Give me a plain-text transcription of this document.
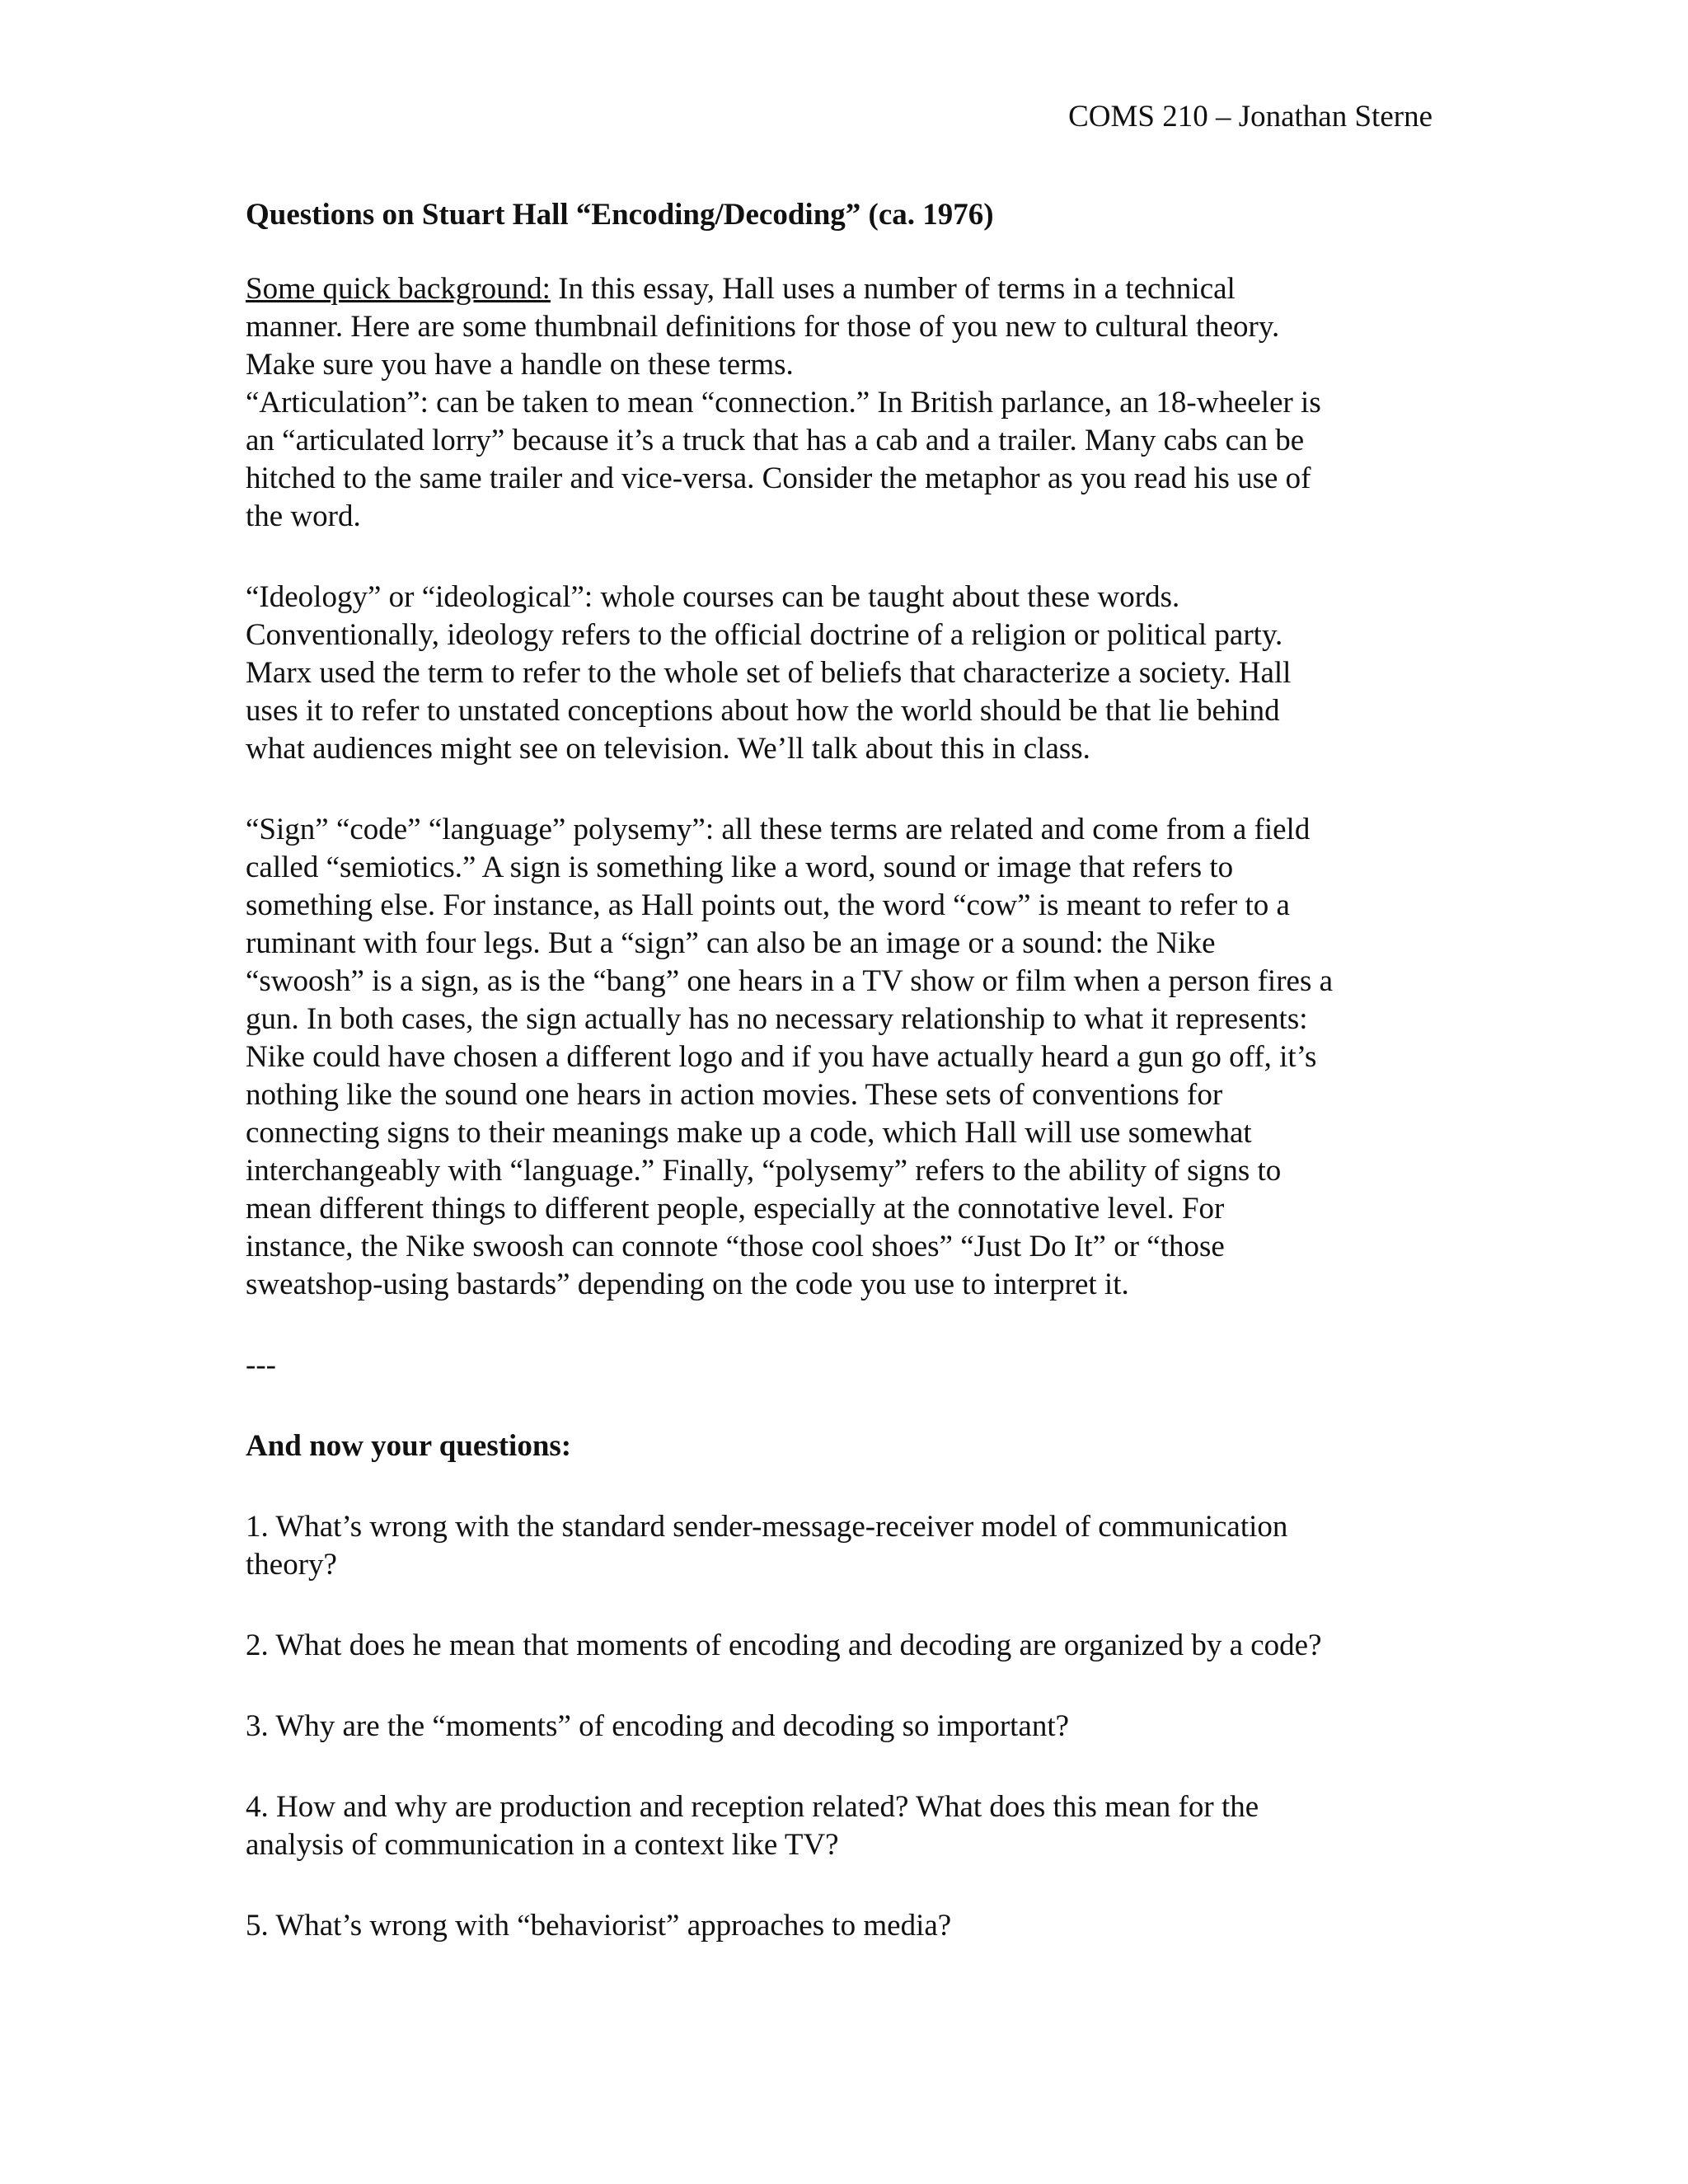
COMS 210 – Jonathan Sterne
Questions on Stuart Hall “Encoding/Decoding” (ca. 1976)
Some quick background: In this essay, Hall uses a number of terms in a technical
manner. Here are some thumbnail definitions for those of you new to cultural theory.
Make sure you have a handle on these terms.
“Articulation”: can be taken to mean “connection.” In British parlance, an 18-wheeler is
an “articulated lorry” because it’s a truck that has a cab and a trailer. Many cabs can be
hitched to the same trailer and vice-versa. Consider the metaphor as you read his use of
the word.
“Ideology” or “ideological”: whole courses can be taught about these words.
Conventionally, ideology refers to the official doctrine of a religion or political party.
Marx used the term to refer to the whole set of beliefs that characterize a society. Hall
uses it to refer to unstated conceptions about how the world should be that lie behind
what audiences might see on television. We’ll talk about this in class.
“Sign” “code” “language” polysemy”: all these terms are related and come from a field
called “semiotics.” A sign is something like a word, sound or image that refers to
something else. For instance, as Hall points out, the word “cow” is meant to refer to a
ruminant with four legs. But a “sign” can also be an image or a sound: the Nike
“swoosh” is a sign, as is the “bang” one hears in a TV show or film when a person fires a
gun. In both cases, the sign actually has no necessary relationship to what it represents:
Nike could have chosen a different logo and if you have actually heard a gun go off, it’s
nothing like the sound one hears in action movies. These sets of conventions for
connecting signs to their meanings make up a code, which Hall will use somewhat
interchangeably with “language.” Finally, “polysemy” refers to the ability of signs to
mean different things to different people, especially at the connotative level. For
instance, the Nike swoosh can connote “those cool shoes” “Just Do It” or “those
sweatshop-using bastards” depending on the code you use to interpret it.
---
And now your questions:
1. What’s wrong with the standard sender-message-receiver model of communication
theory?
2. What does he mean that moments of encoding and decoding are organized by a code?
3. Why are the “moments” of encoding and decoding so important?
4. How and why are production and reception related? What does this mean for the
analysis of communication in a context like TV?
5. What’s wrong with “behaviorist” approaches to media?
